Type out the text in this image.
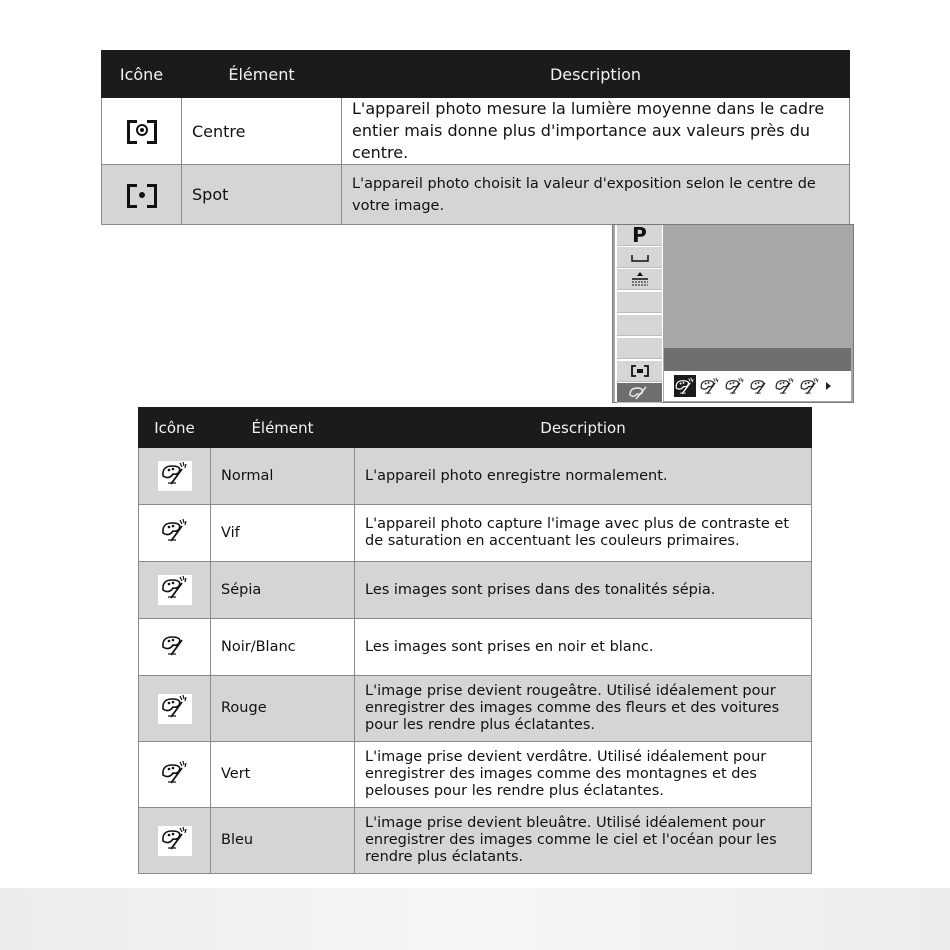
Icône	Élément	Description

	Centre	L'appareil photo mesure la lumière moyenne dans le cadre entier mais donne plus d'importance aux valeurs près du centre.

	Spot	L'appareil photo choisit la valeur d'exposition selon le centre de votre image.
P
Icône	Élément	Description
	Normal	L'appareil photo enregistre normalement.
	Vif	L'appareil photo capture l'image avec plus de contraste et de saturation en accentuant les couleurs primaires.
	Sépia	Les images sont prises dans des tonalités sépia.
	Noir/Blanc	Les images sont prises en noir et blanc.
	Rouge	L'image prise devient rougeâtre. Utilisé idéalement pour enregistrer des images comme des fleurs et des voitures pour les rendre plus éclatantes.
	Vert	L'image prise devient verdâtre. Utilisé idéalement pour enregistrer des images comme des montagnes et des pelouses pour les rendre plus éclatantes.
	Bleu	L'image prise devient bleuâtre. Utilisé idéalement pour enregistrer des images comme le ciel et l'océan pour les rendre plus éclatants.
